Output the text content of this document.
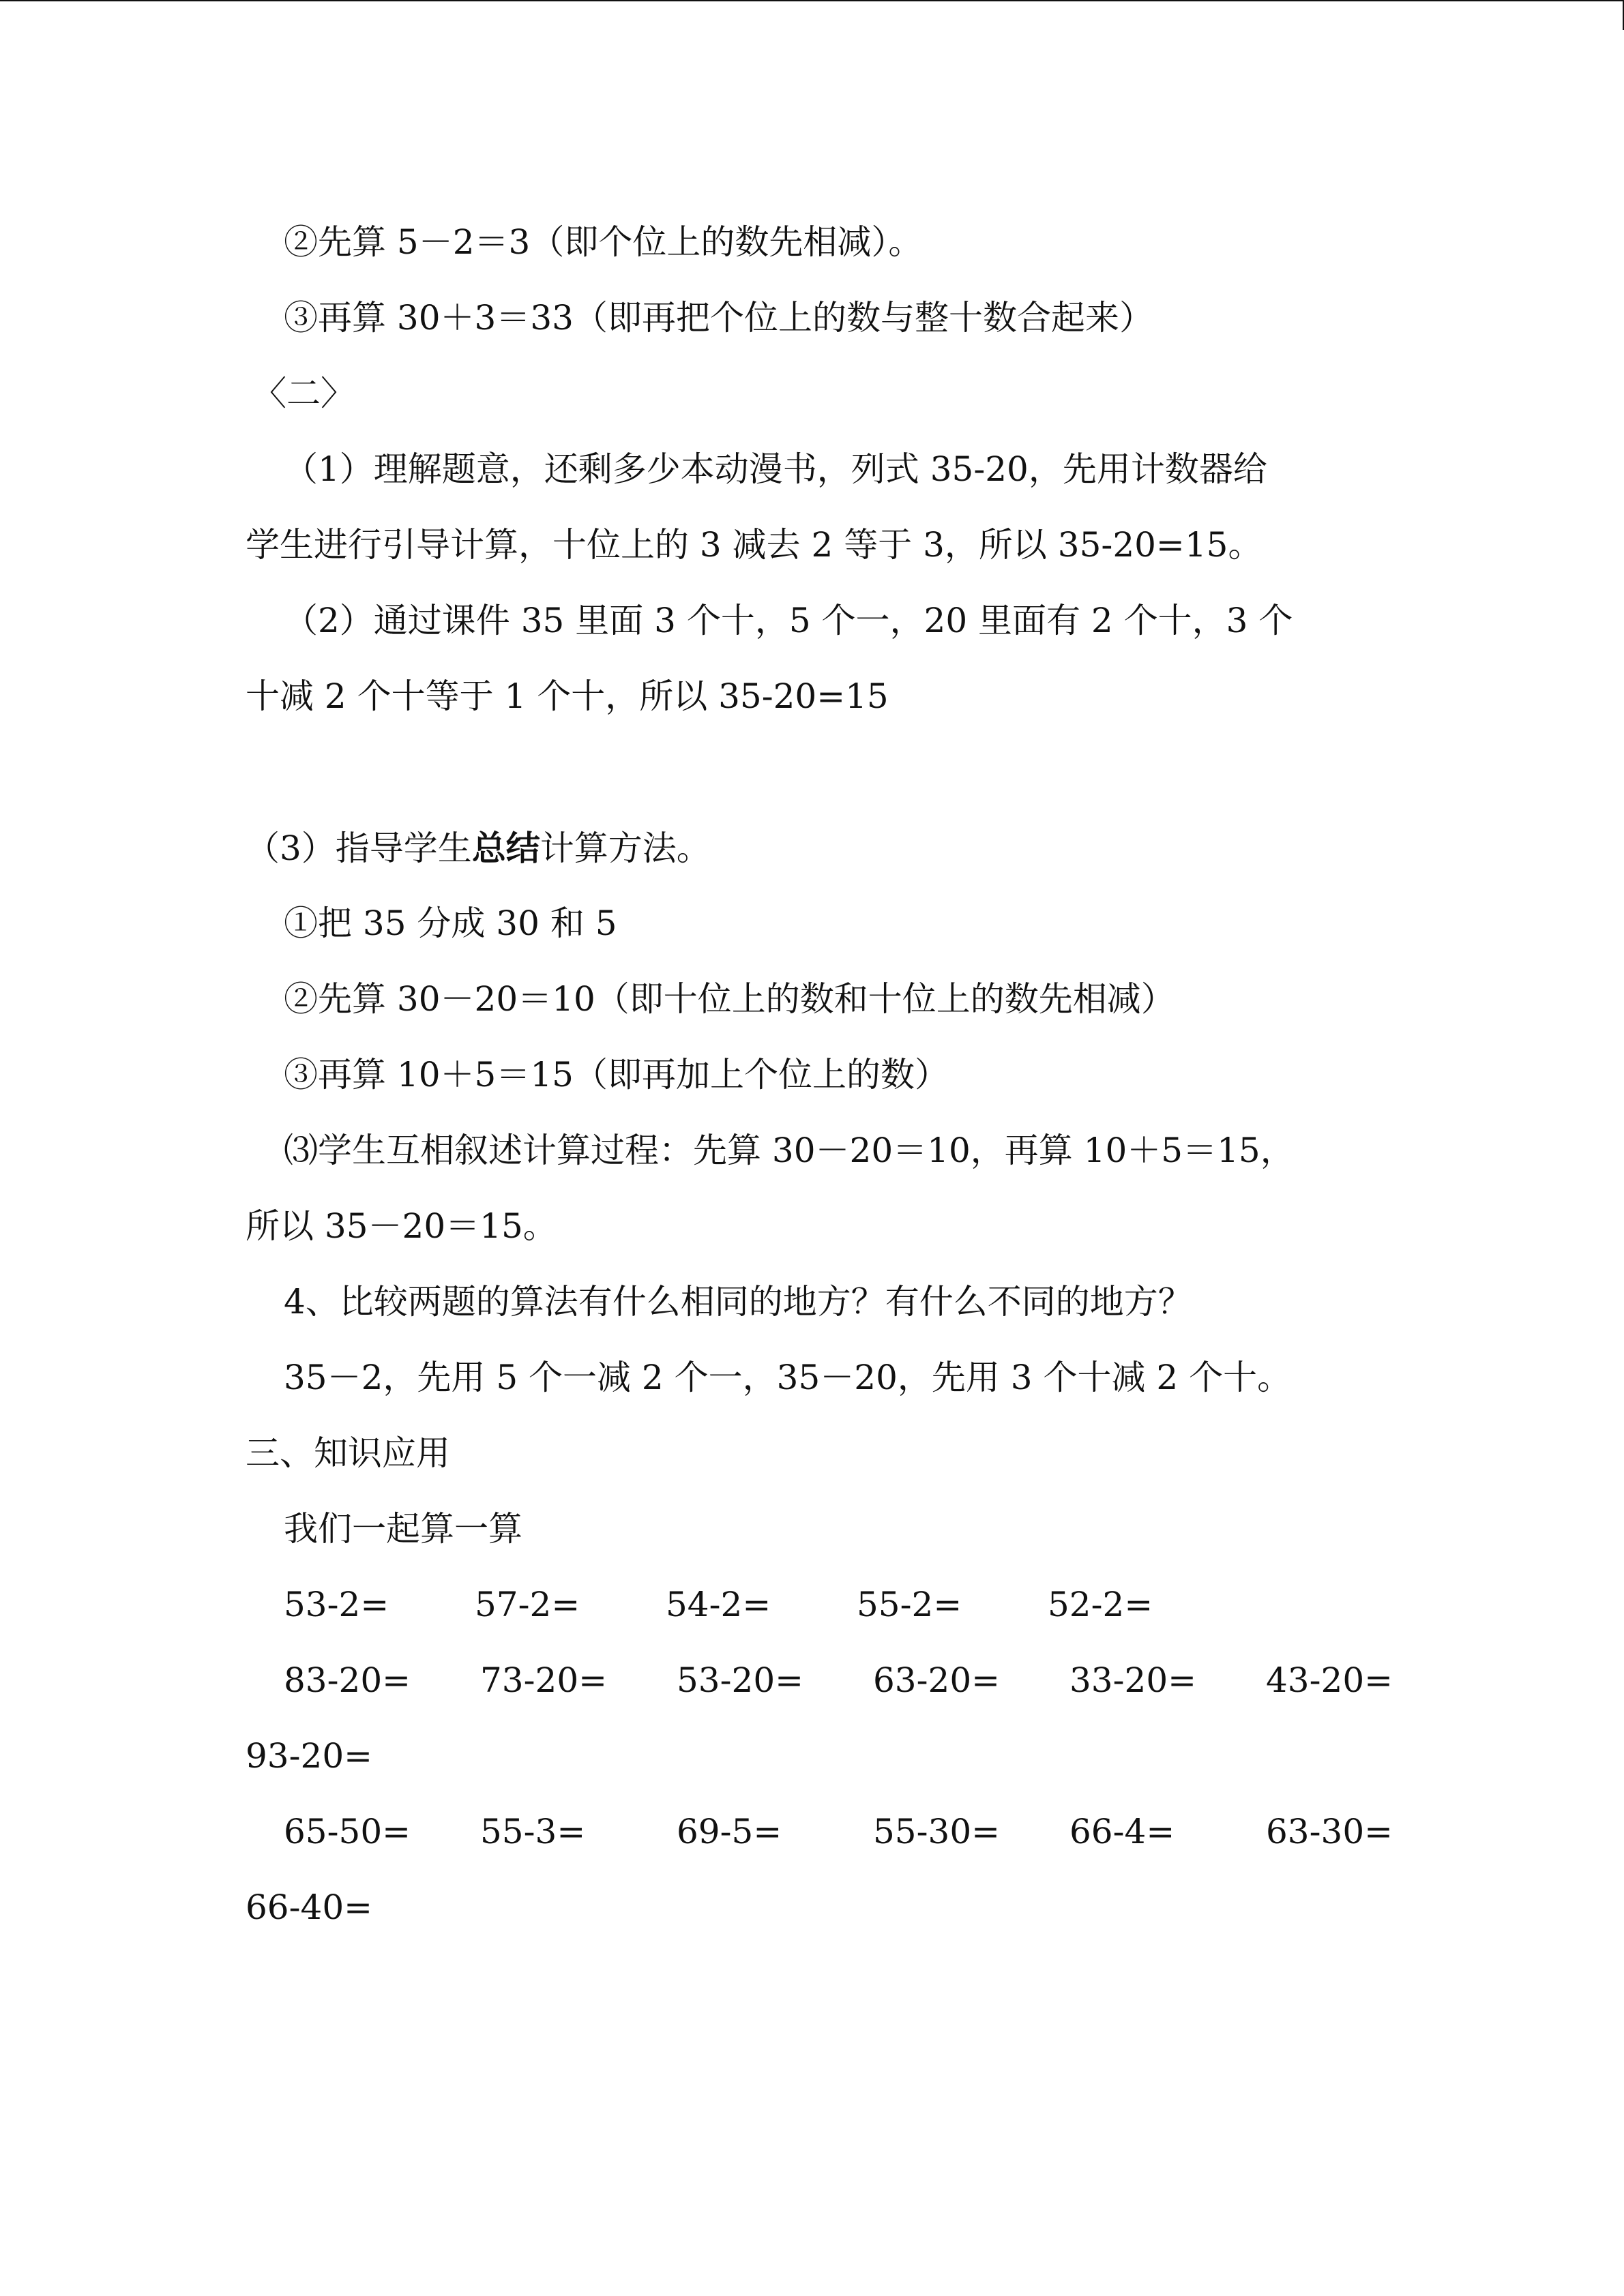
②先算 5－2＝3（即个位上的数先相减）。
③再算 30＋3＝33（即再把个位上的数与整十数合起来）
〈二〉
（1）理解题意，还剩多少本动漫书，列式 35-20，先用计数器给
学生进行引导计算，十位上的 3 减去 2 等于 3，所以 35-20=15。
（2）通过课件 35 里面 3 个十，5 个一，20 里面有 2 个十，3 个
十减 2 个十等于 1 个十，所以 35-20=15
（3）指导学生总结计算方法。
①把 35 分成 30 和 5
②先算 30－20＝10（即十位上的数和十位上的数先相减）
③再算 10＋5＝15（即再加上个位上的数）
⑶学生互相叙述计算过程：先算 30－20＝10，再算 10＋5＝15，
所以 35－20＝15。
4、比较两题的算法有什么相同的地方？有什么不同的地方？
35－2，先用 5 个一减 2 个一，35－20，先用 3 个十减 2 个十。
三、知识应用
我们一起算一算
53-2=	57-2=	54-2=	55-2=	52-2=
83-20= 73-20= 53-20= 63-20= 33-20= 43-20=
93-20=
65-50= 55-3=	69-5=	55-30= 66-4=	63-30=
66-40=
